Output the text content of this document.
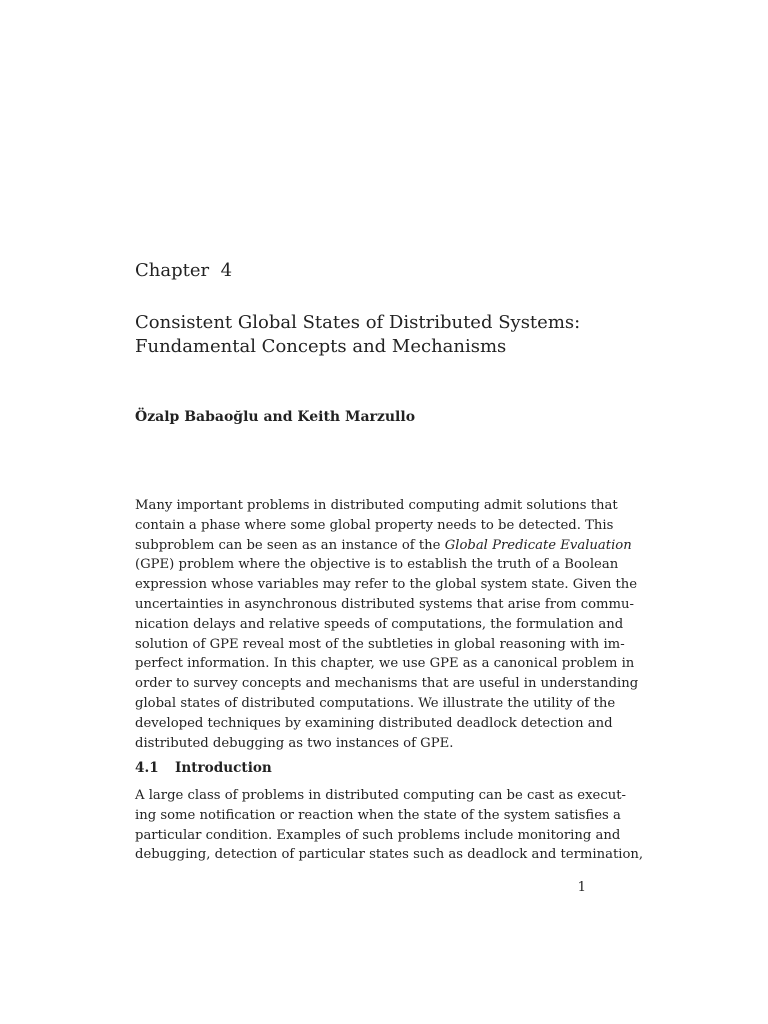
Chapter 4
Consistent Global States of Distributed Systems:
Fundamental Concepts and Mechanisms

Özalp Babaoğlu and Keith Marzullo

Many important problems in distributed computing admit solutions that
contain a phase where some global property needs to be detected. This
subproblem can be seen as an instance of the Global Predicate Evaluation
(GPE) problem where the objective is to establish the truth of a Boolean
expression whose variables may refer to the global system state. Given the
uncertainties in asynchronous distributed systems that arise from commu-
nication delays and relative speeds of computations, the formulation and
solution of GPE reveal most of the subtleties in global reasoning with im-
perfect information. In this chapter, we use GPE as a canonical problem in
order to survey concepts and mechanisms that are useful in understanding
global states of distributed computations. We illustrate the utility of the
developed techniques by examining distributed deadlock detection and
distributed debugging as two instances of GPE.
4.1 Introduction
A large class of problems in distributed computing can be cast as execut-
ing some notification or reaction when the state of the system satisfies a
particular condition. Examples of such problems include monitoring and
debugging, detection of particular states such as deadlock and termination,

1
